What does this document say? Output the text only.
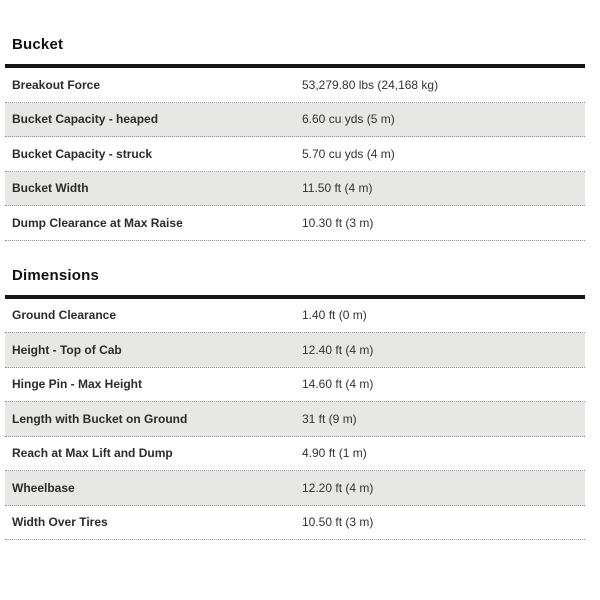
Bucket
Breakout Force	53,279.80 lbs (24,168 kg)
Bucket Capacity - heaped	6.60 cu yds (5 m)
Bucket Capacity - struck	5.70 cu yds (4 m)
Bucket Width	11.50 ft (4 m)
Dump Clearance at Max Raise	10.30 ft (3 m)
Dimensions
Ground Clearance	1.40 ft (0 m)
Height - Top of Cab	12.40 ft (4 m)
Hinge Pin - Max Height	14.60 ft (4 m)
Length with Bucket on Ground	31 ft (9 m)
Reach at Max Lift and Dump	4.90 ft (1 m)
Wheelbase	12.20 ft (4 m)
Width Over Tires	10.50 ft (3 m)
